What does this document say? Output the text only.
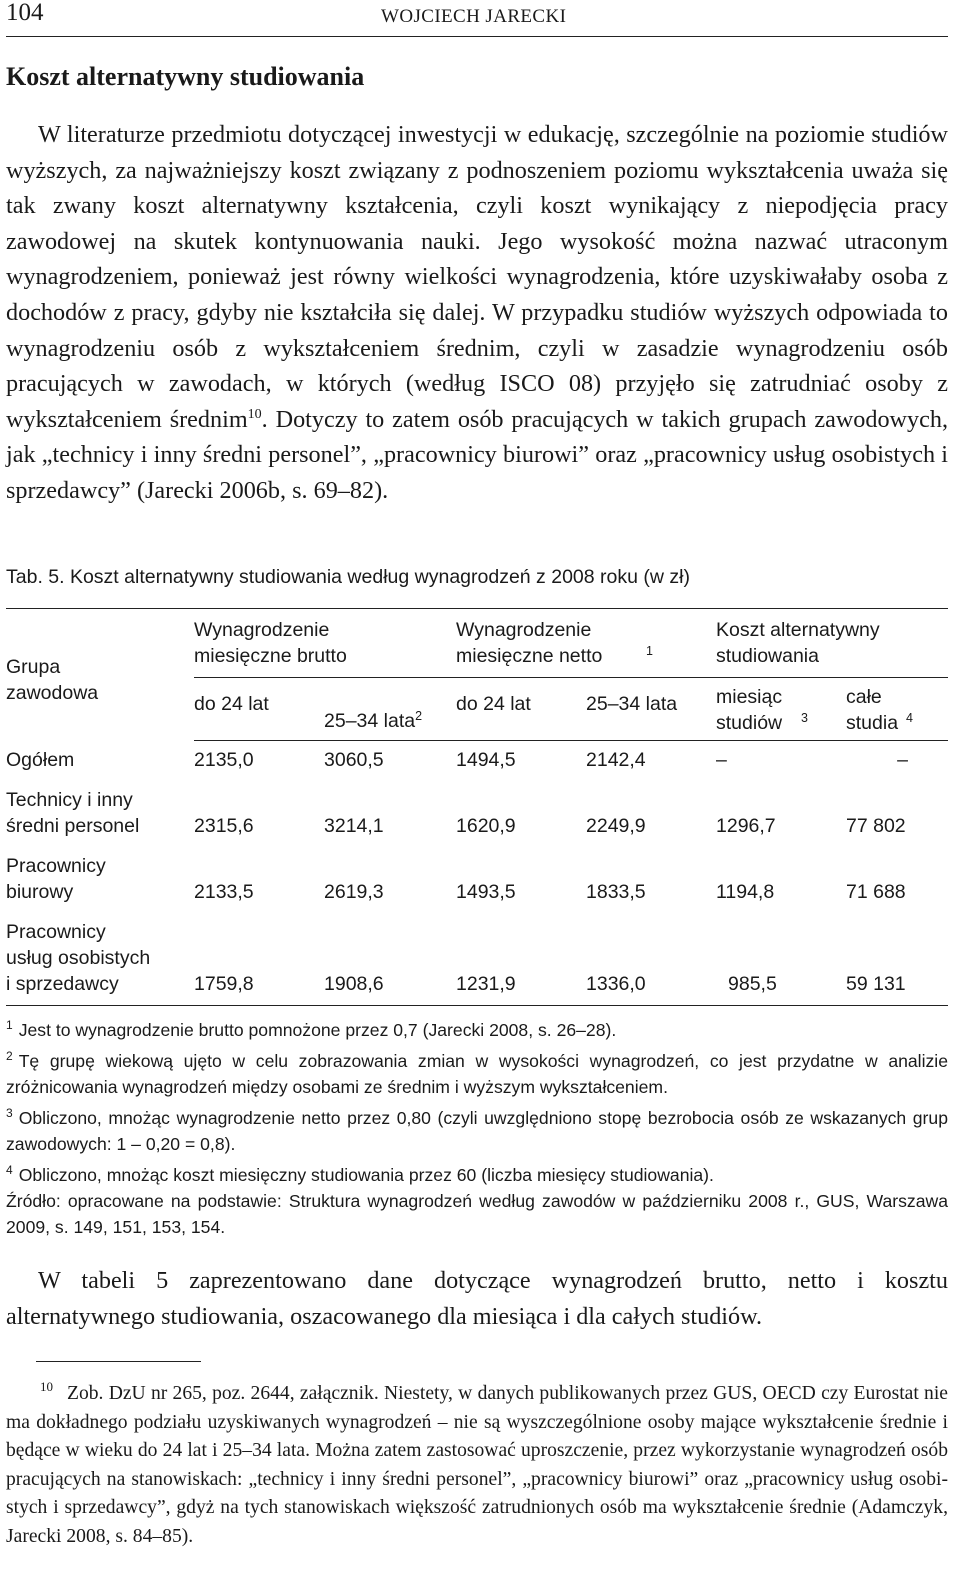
104	WOJCIECH JARECKI
Koszt alternatywny studiowania

W literaturze przedmiotu dotyczącej inwestycji w edukację, szczególnie na poziomie studiów wyższych, za najważniejszy koszt związany z podnoszeniem poziomu wykształcenia uważa się tak zwany koszt alternatywny kształcenia, czyli koszt wynikający z niepodjęcia pracy zawodowej na skutek kontynuowania nauki. Jego wysokość można nazwać utraconym wynagrodzeniem, ponieważ jest równy wielkości wynagrodzenia, które uzyskiwałaby osoba z dochodów z pracy, gdyby nie kształciła się dalej. W przypadku studiów wyższych odpowiada to wynagrodzeniu osób z wykształceniem średnim, czyli w zasadzie wynagrodzeniu osób pracujących w zawodach, w których (według ISCO 08) przyjęło się zatrudniać osoby z wykształceniem średnim$^{10}$. Dotyczy to zatem osób pracujących w takich grupach zawodowych, jak „technicy i inny średni personel”, „pracownicy biurowi” oraz „pracownicy usług osobistych i sprzedawcy” (Jarecki 2006b, s. 69–82).

Tab. 5. Koszt alternatywny studiowania według wynagrodzeń z 2008 roku (w zł)

Grupa zawodowa	Wynagrodzenie miesięczne brutto		Wynagrodzenie miesięczne netto $^1$		Koszt alternatywny studiowania	

	do 24 lat	25–34 lata$^2$	do 24 lat	25–34 lata	miesiąc studiów $^3$	całe studia $^4$
Ogółem	2135,0	3060,5	1494,5	2142,4	–	–

Technicy i inny średni personel	2315,6	3214,1	1620,9	2249,9	1296,7	77 802

Pracownicy biurowy	2133,5	2619,3	1493,5	1833,5	1194,8	71 688

Pracownicy usług osobistych i sprzedawcy	1759,8	1908,6	1231,9	1336,0	985,5	59 131

$^1$ Jest to wynagrodzenie brutto pomnożone przez 0,7 (Jarecki 2008, s. 26–28).

$^2$ Tę grupę wiekową ujęto w celu zobrazowania zmian w wysokości wynagrodzeń, co jest przydatne w analizie zróżnicowania wynagrodzeń między osobami ze średnim i wyższym wykształceniem.

$^3$ Obliczono, mnożąc wynagrodzenie netto przez 0,80 (czyli uwzględniono stopę bezrobocia osób ze wskazanych grup zawodowych: 1 – 0,20 = 0,8).

$^4$ Obliczono, mnożąc koszt miesięczny studiowania przez 60 (liczba miesięcy studiowania).

Źródło: opracowane na podstawie: Struktura wynagrodzeń według zawodów w październiku 2008 r., GUS, Warszawa 2009, s. 149, 151, 153, 154.

W tabeli 5 zaprezentowano dane dotyczące wynagrodzeń brutto, netto i kosztu alternatywnego studiowania, oszacowanego dla miesiąca i dla całych studiów.

$^{10}$ Zob. DzU nr 265, poz. 2644, załącznik. Niestety, w danych publikowanych przez GUS, OECD czy Eurostat nie ma dokładnego podziału uzyskiwanych wynagrodzeń – nie są wyszczególnione osoby mające wykształcenie średnie i będące w wieku do 24 lat i 25–34 lata. Można zatem zastosować uproszczenie, przez wykorzystanie wynagrodzeń osób pracujących na stanowiskach: „technicy i inny średni personel”, „pracownicy biurowi” oraz „pracownicy usług osobistych i sprzedawcy”, gdyż na tych stanowiskach większość zatrudnionych osób ma wykształcenie średnie (Adamczyk, Jarecki 2008, s. 84–85).
